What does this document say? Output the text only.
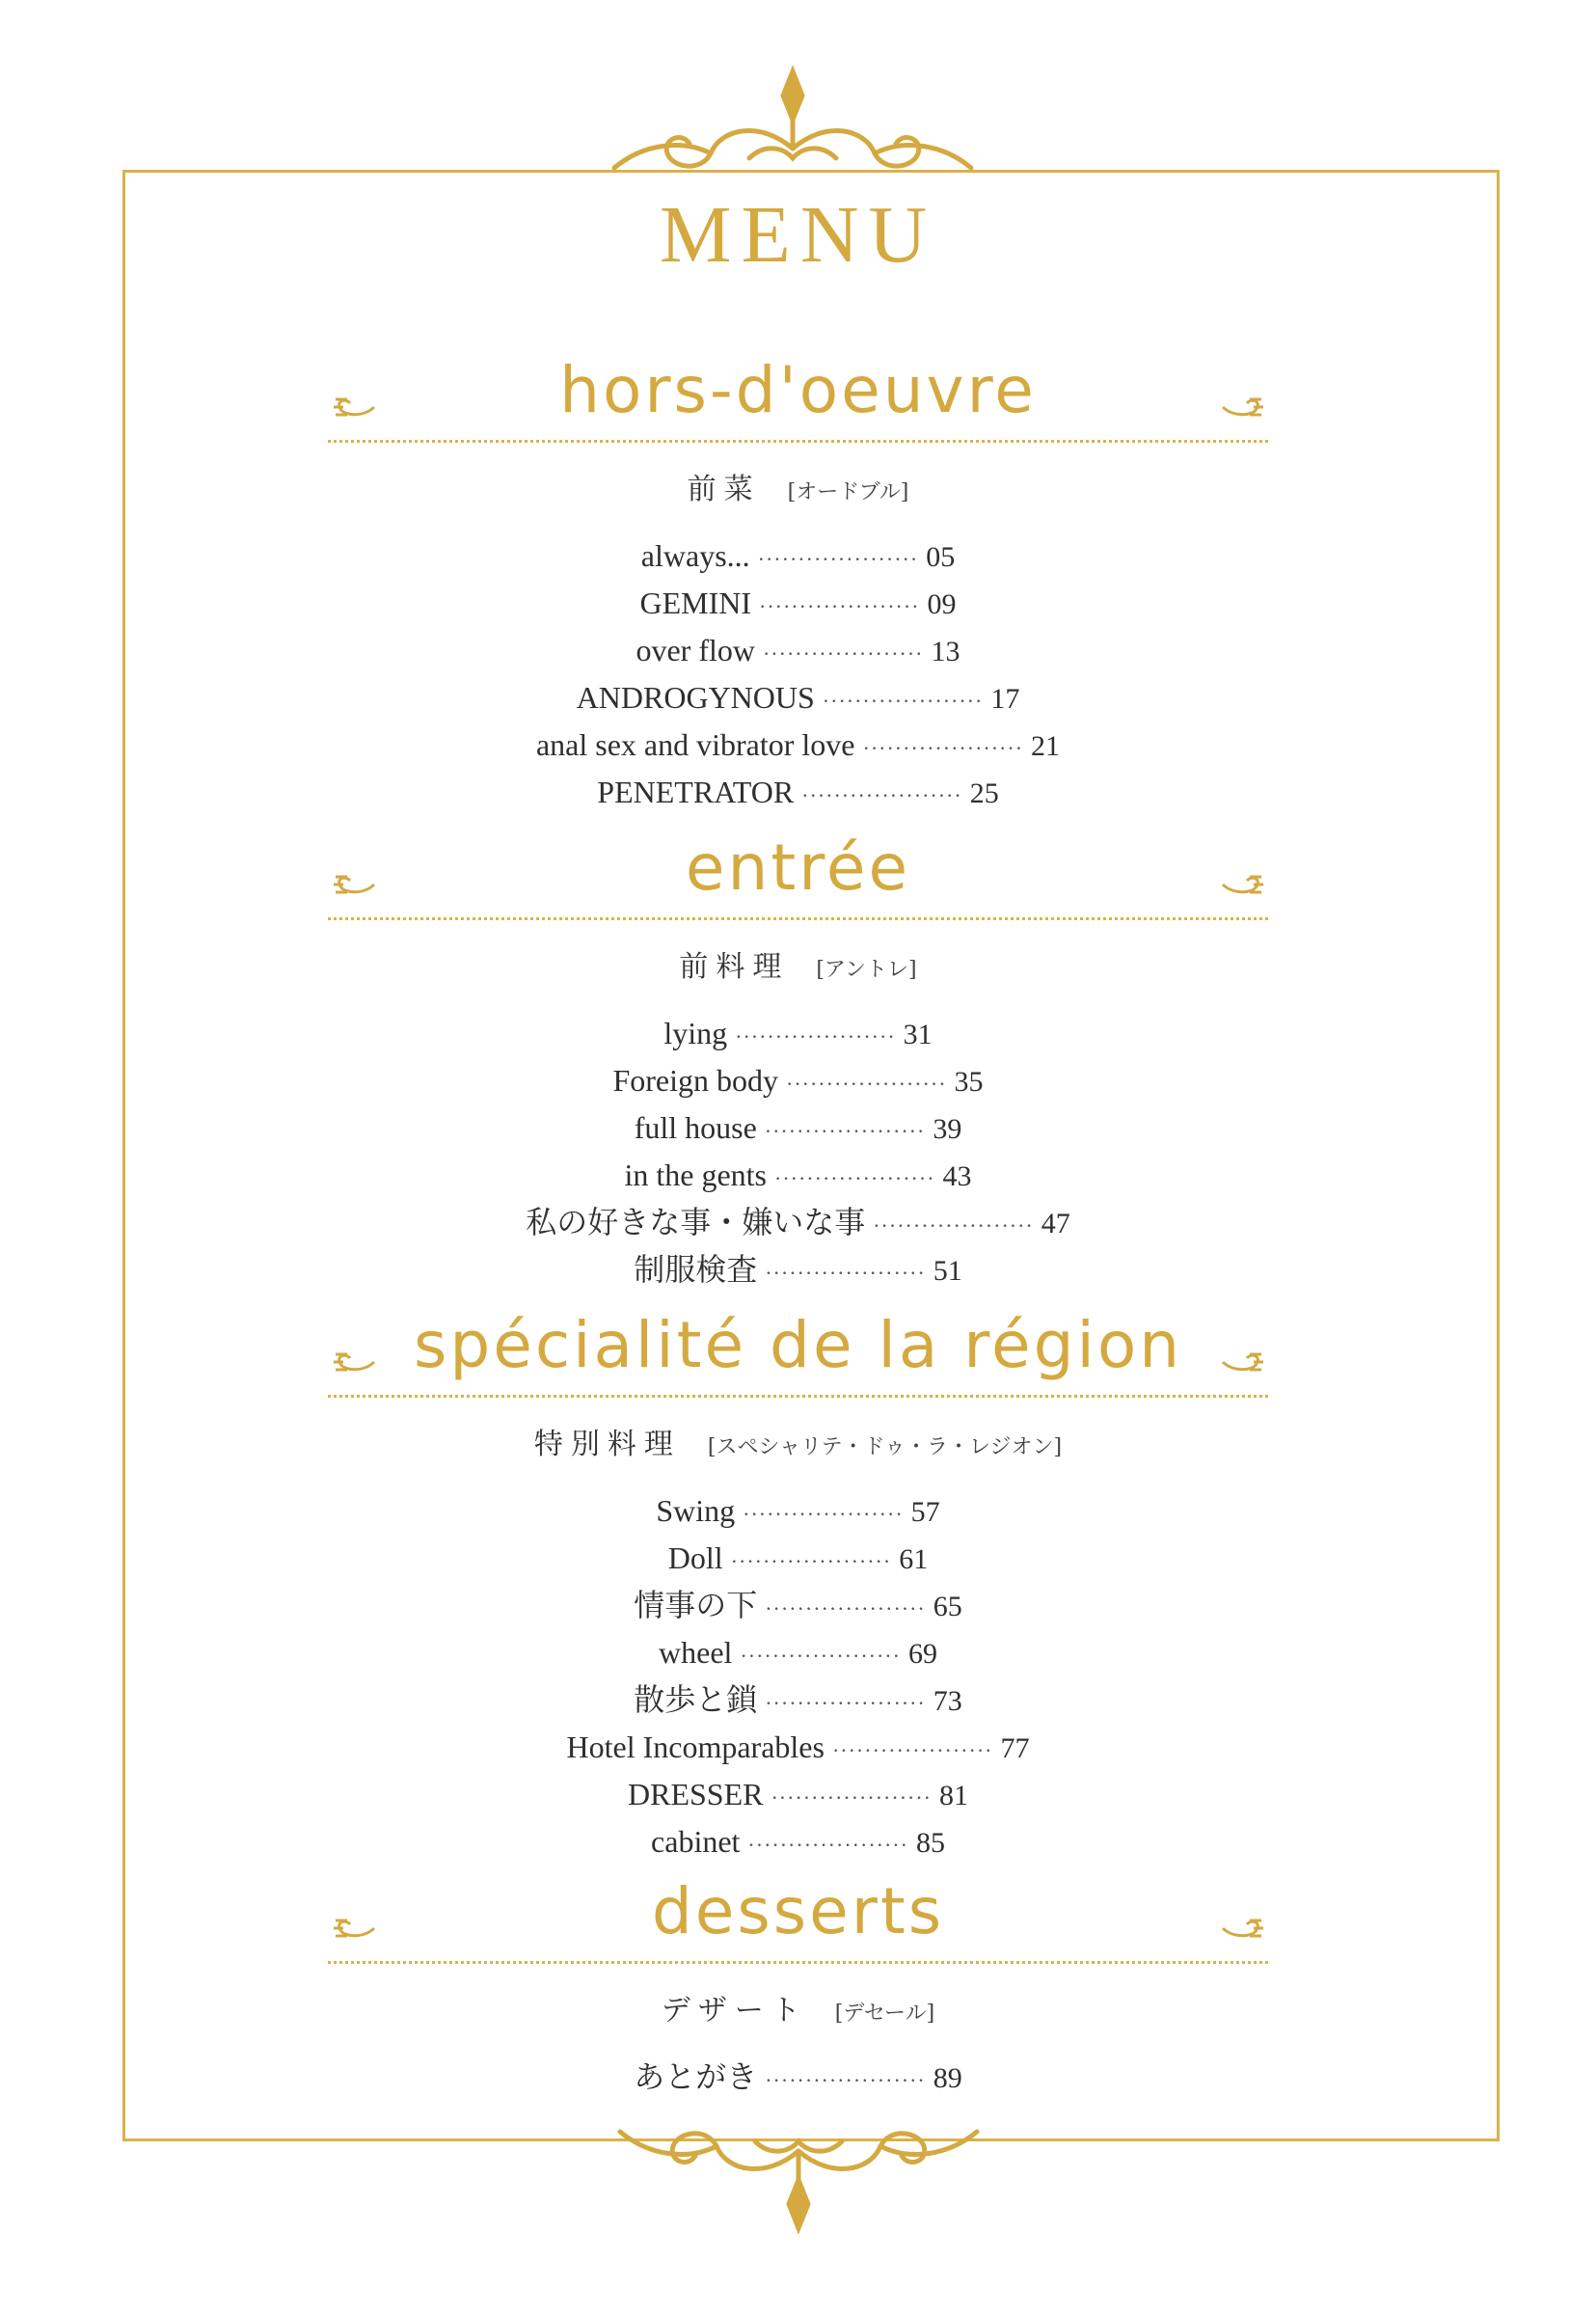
MENU
hors-d'oeuvre
前菜 [オードブル]
always... ···················· 05
GEMINI ···················· 09
over flow ···················· 13
ANDROGYNOUS ···················· 17
anal sex and vibrator love ···················· 21
PENETRATOR ···················· 25
entrée
前料理 [アントレ]
lying ···················· 31
Foreign body ···················· 35
full house ···················· 39
in the gents ···················· 43
私の好きな事・嫌いな事 ···················· 47
制服検査 ···················· 51
spécialité de la région
特別料理 [スペシャリテ・ドゥ・ラ・レジオン]
Swing ···················· 57
Doll ···················· 61
情事の下 ···················· 65
wheel ···················· 69
散歩と鎖 ···················· 73
Hotel Incomparables ···················· 77
DRESSER ···················· 81
cabinet ···················· 85
desserts
デザート [デセール]
あとがき ···················· 89
